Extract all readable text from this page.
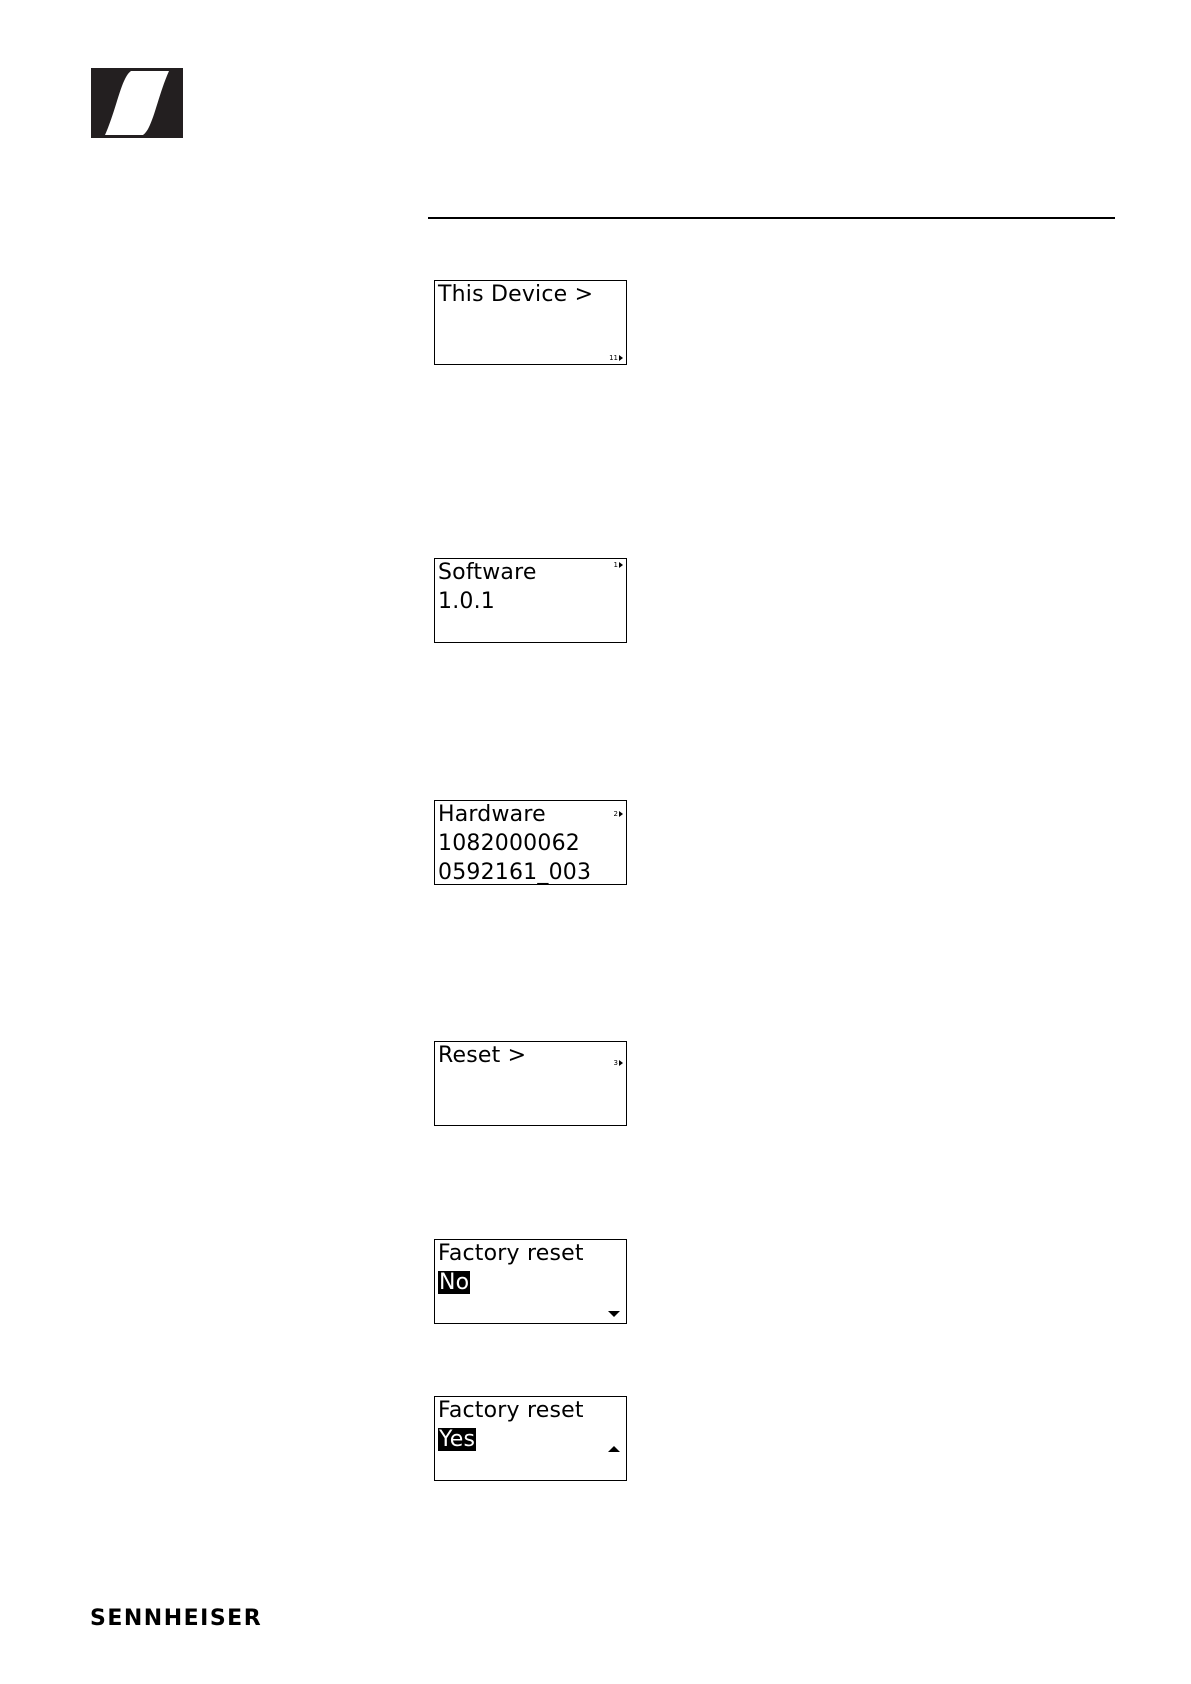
This Device >
11
Software
1.0.1
1
Hardware
1082000062
0592161_003
2
Reset >	3
Factory reset
No
Factory reset
Yes
SENNHEISER
